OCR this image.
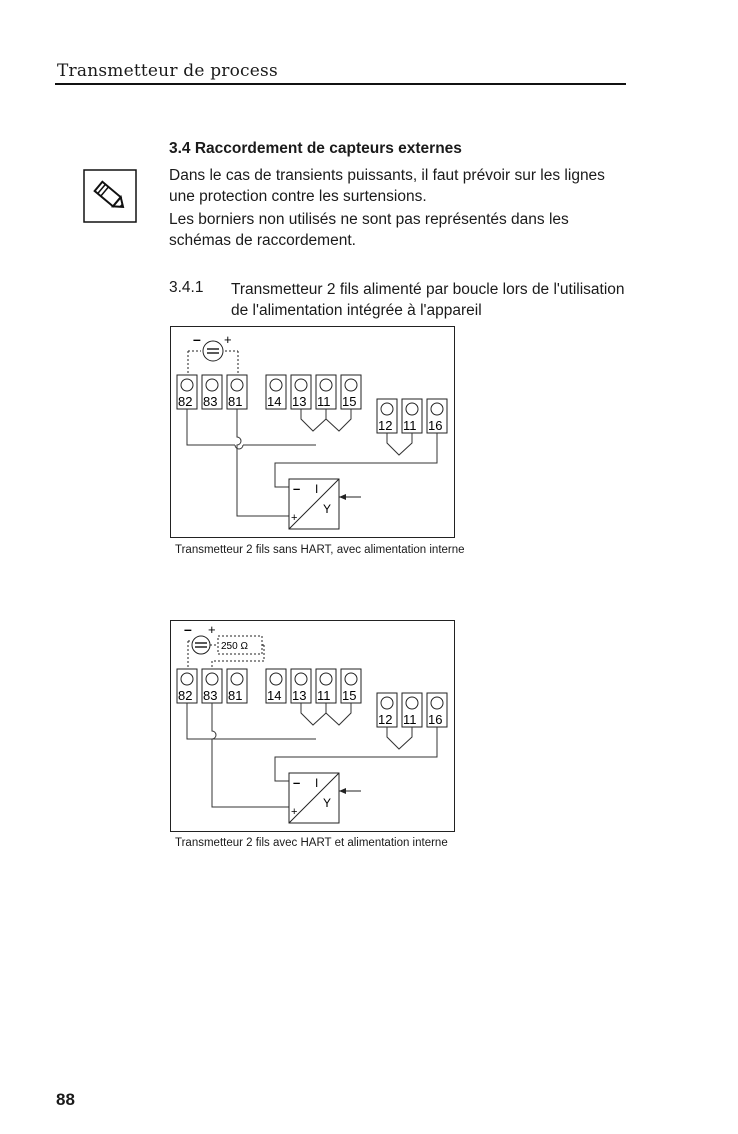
Transmetteur de process
3.4 Raccordement de capteurs externes
Dans le cas de transients puissants, il faut prévoir sur les lignes une protection contre les surtensions.
Les borniers non utilisés ne sont pas représentés dans les schémas de raccordement.
3.4.1 Transmetteur 2 fils alimenté par boucle lors de l'utilisation de l'alimentation intégrée à l'appareil
– +
82 83 81 14 13 11 15
12 11 16
–
+
I
Y
Transmetteur 2 fils sans HART, avec alimentation interne
250 Ω
– +
82 83 81 14 13 11 15
12 11 16
–
+
I
Y
Transmetteur 2 fils avec HART et alimentation interne
88
